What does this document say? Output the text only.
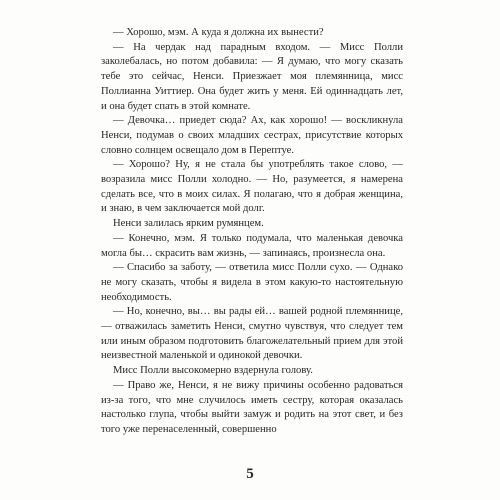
— Хорошо, мэм. А куда я должна их вынести?

— На чердак над парадным входом. — Мисс Полли заколебалась, но потом добавила: — Я думаю, что могу сказать тебе это сейчас, Ненси. Приезжает моя племянница, мисс Поллианна Уиттиер. Она будет жить у меня. Ей одиннадцать лет, и она будет спать в этой комнате.

— Девочка… приедет сюда? Ах, как хорошо! — воскликнула Ненси, подумав о своих младших сестрах, присутствие которых словно солнцем освещало дом в Перептуе.

— Хорошо? Ну, я не стала бы употреблять такое слово, — возразила мисс Полли холодно. — Но, разумеется, я намерена сделать все, что в моих силах. Я полагаю, что я добрая женщина, и знаю, в чем заключается мой долг.

Ненси залилась ярким румянцем.

— Конечно, мэм. Я только подумала, что маленькая девочка могла бы… скрасить вам жизнь, — запинаясь, произнесла она.

— Спасибо за заботу, — ответила мисс Полли сухо. — Однако не могу сказать, чтобы я видела в этом какую-то настоятельную необходимость.

— Но, конечно, вы… вы рады ей… вашей родной племяннице, — отважилась заметить Ненси, смутно чувствуя, что следует тем или иным образом подготовить благожелательный прием для этой неизвестной маленькой и одинокой девочки.

Мисс Полли высокомерно вздернула голову.

— Право же, Ненси, я не вижу причины особенно радоваться из-за того, что мне случилось иметь сестру, которая оказалась настолько глупа, чтобы выйти замуж и родить на этот свет, и без того уже перенаселенный, совершенно

5
